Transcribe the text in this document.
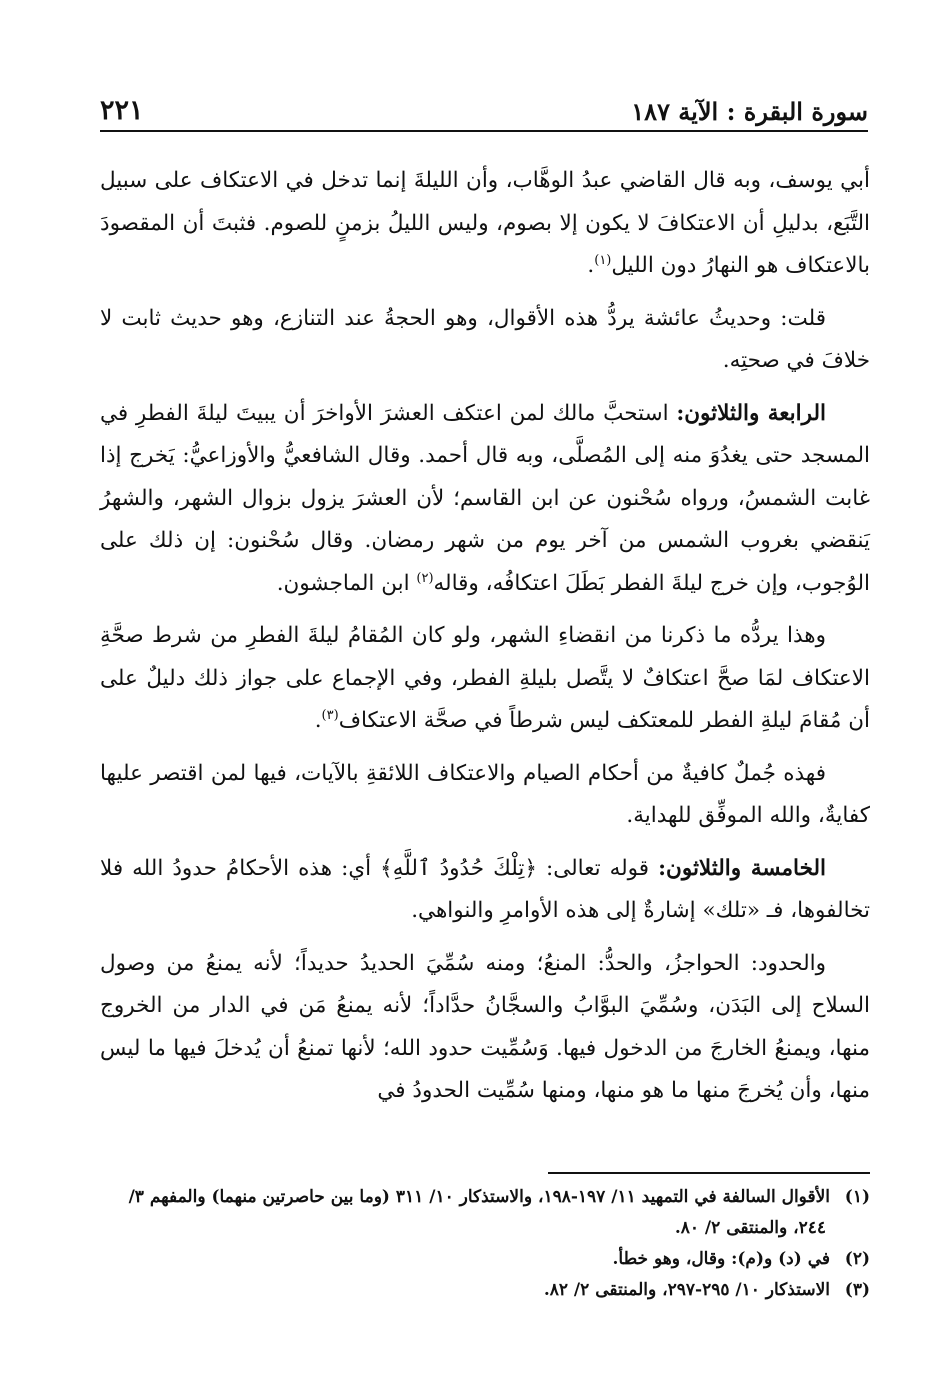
سورة البقرة : الآية ١٨٧
٢٢١

أبي يوسف، وبه قال القاضي عبدُ الوهَّاب، وأن الليلةَ إنما تدخل في الاعتكاف على سبيل التَّبَع، بدليلِ أن الاعتكافَ لا يكون إلا بصوم، وليس الليلُ بزمنٍ للصوم. فثبتَ أن المقصودَ بالاعتكاف هو النهارُ دون الليل$^{(١)}$.

قلت: وحديثُ عائشة يردُّ هذه الأقوال، وهو الحجةُ عند التنازع، وهو حديث ثابت لا خلافَ في صحتِه.

الرابعة والثلاثون: استحبَّ مالك لمن اعتكف العشرَ الأواخرَ أن يبيتَ ليلةَ الفطرِ في المسجد حتى يغدُوَ منه إلى المُصلَّى، وبه قال أحمد. وقال الشافعيُّ والأوزاعيُّ: يَخرج إذا غابت الشمسُ، ورواه سُحْنون عن ابن القاسم؛ لأن العشرَ يزول بزوال الشهر، والشهرُ يَنقضي بغروب الشمس من آخر يوم من شهر رمضان. وقال سُحْنون: إن ذلك على الوُجوب، وإن خرج ليلةَ الفطر بَطَلَ اعتكافُه، وقاله$^{(٢)}$ ابن الماجشون.

وهذا يردُّه ما ذكرنا من انقضاءِ الشهر، ولو كان المُقامُ ليلةَ الفطرِ من شرط صحَّةِ الاعتكاف لمَا صحَّ اعتكافٌ لا يتَّصل بليلةِ الفطر، وفي الإجماع على جواز ذلك دليلٌ على أن مُقامَ ليلةِ الفطر للمعتكف ليس شرطاً في صحَّة الاعتكاف$^{(٣)}$.

فهذه جُملٌ كافيةٌ من أحكام الصيام والاعتكاف اللائقةِ بالآيات، فيها لمن اقتصر عليها كفايةٌ، والله الموفِّق للهداية.

الخامسة والثلاثون: قوله تعالى: ﴿تِلْكَ حُدُودُ ٱللَّهِ﴾ أي: هذه الأحكامُ حدودُ الله فلا تخالفوها، فـ «تلك» إشارةٌ إلى هذه الأوامرِ والنواهي.

والحدود: الحواجزُ، والحدُّ: المنعُ؛ ومنه سُمِّيَ الحديدُ حديداً؛ لأنه يمنعُ من وصول السلاح إلى البَدَن، وسُمِّيَ البوَّابُ والسجَّانُ حدَّاداً؛ لأنه يمنعُ مَن في الدار من الخروج منها، ويمنعُ الخارجَ من الدخول فيها. وَسُمِّيت حدود الله؛ لأنها تمنعُ أن يُدخلَ فيها ما ليس منها، وأن يُخرجَ منها ما هو منها، ومنها سُمِّيت الحدودُ في

(١)الأقوال السالفة في التمهيد ١١/ ١٩٧-١٩٨، والاستذكار ١٠/ ٣١١ (وما بين حاصرتين منهما) والمفهم ٣/ ٢٤٤، والمنتقى ٢/ ٨٠.

(٢)في (د) و(م): وقال، وهو خطأ.

(٣)الاستذكار ١٠/ ٢٩٥-٢٩٧، والمنتقى ٢/ ٨٢.
